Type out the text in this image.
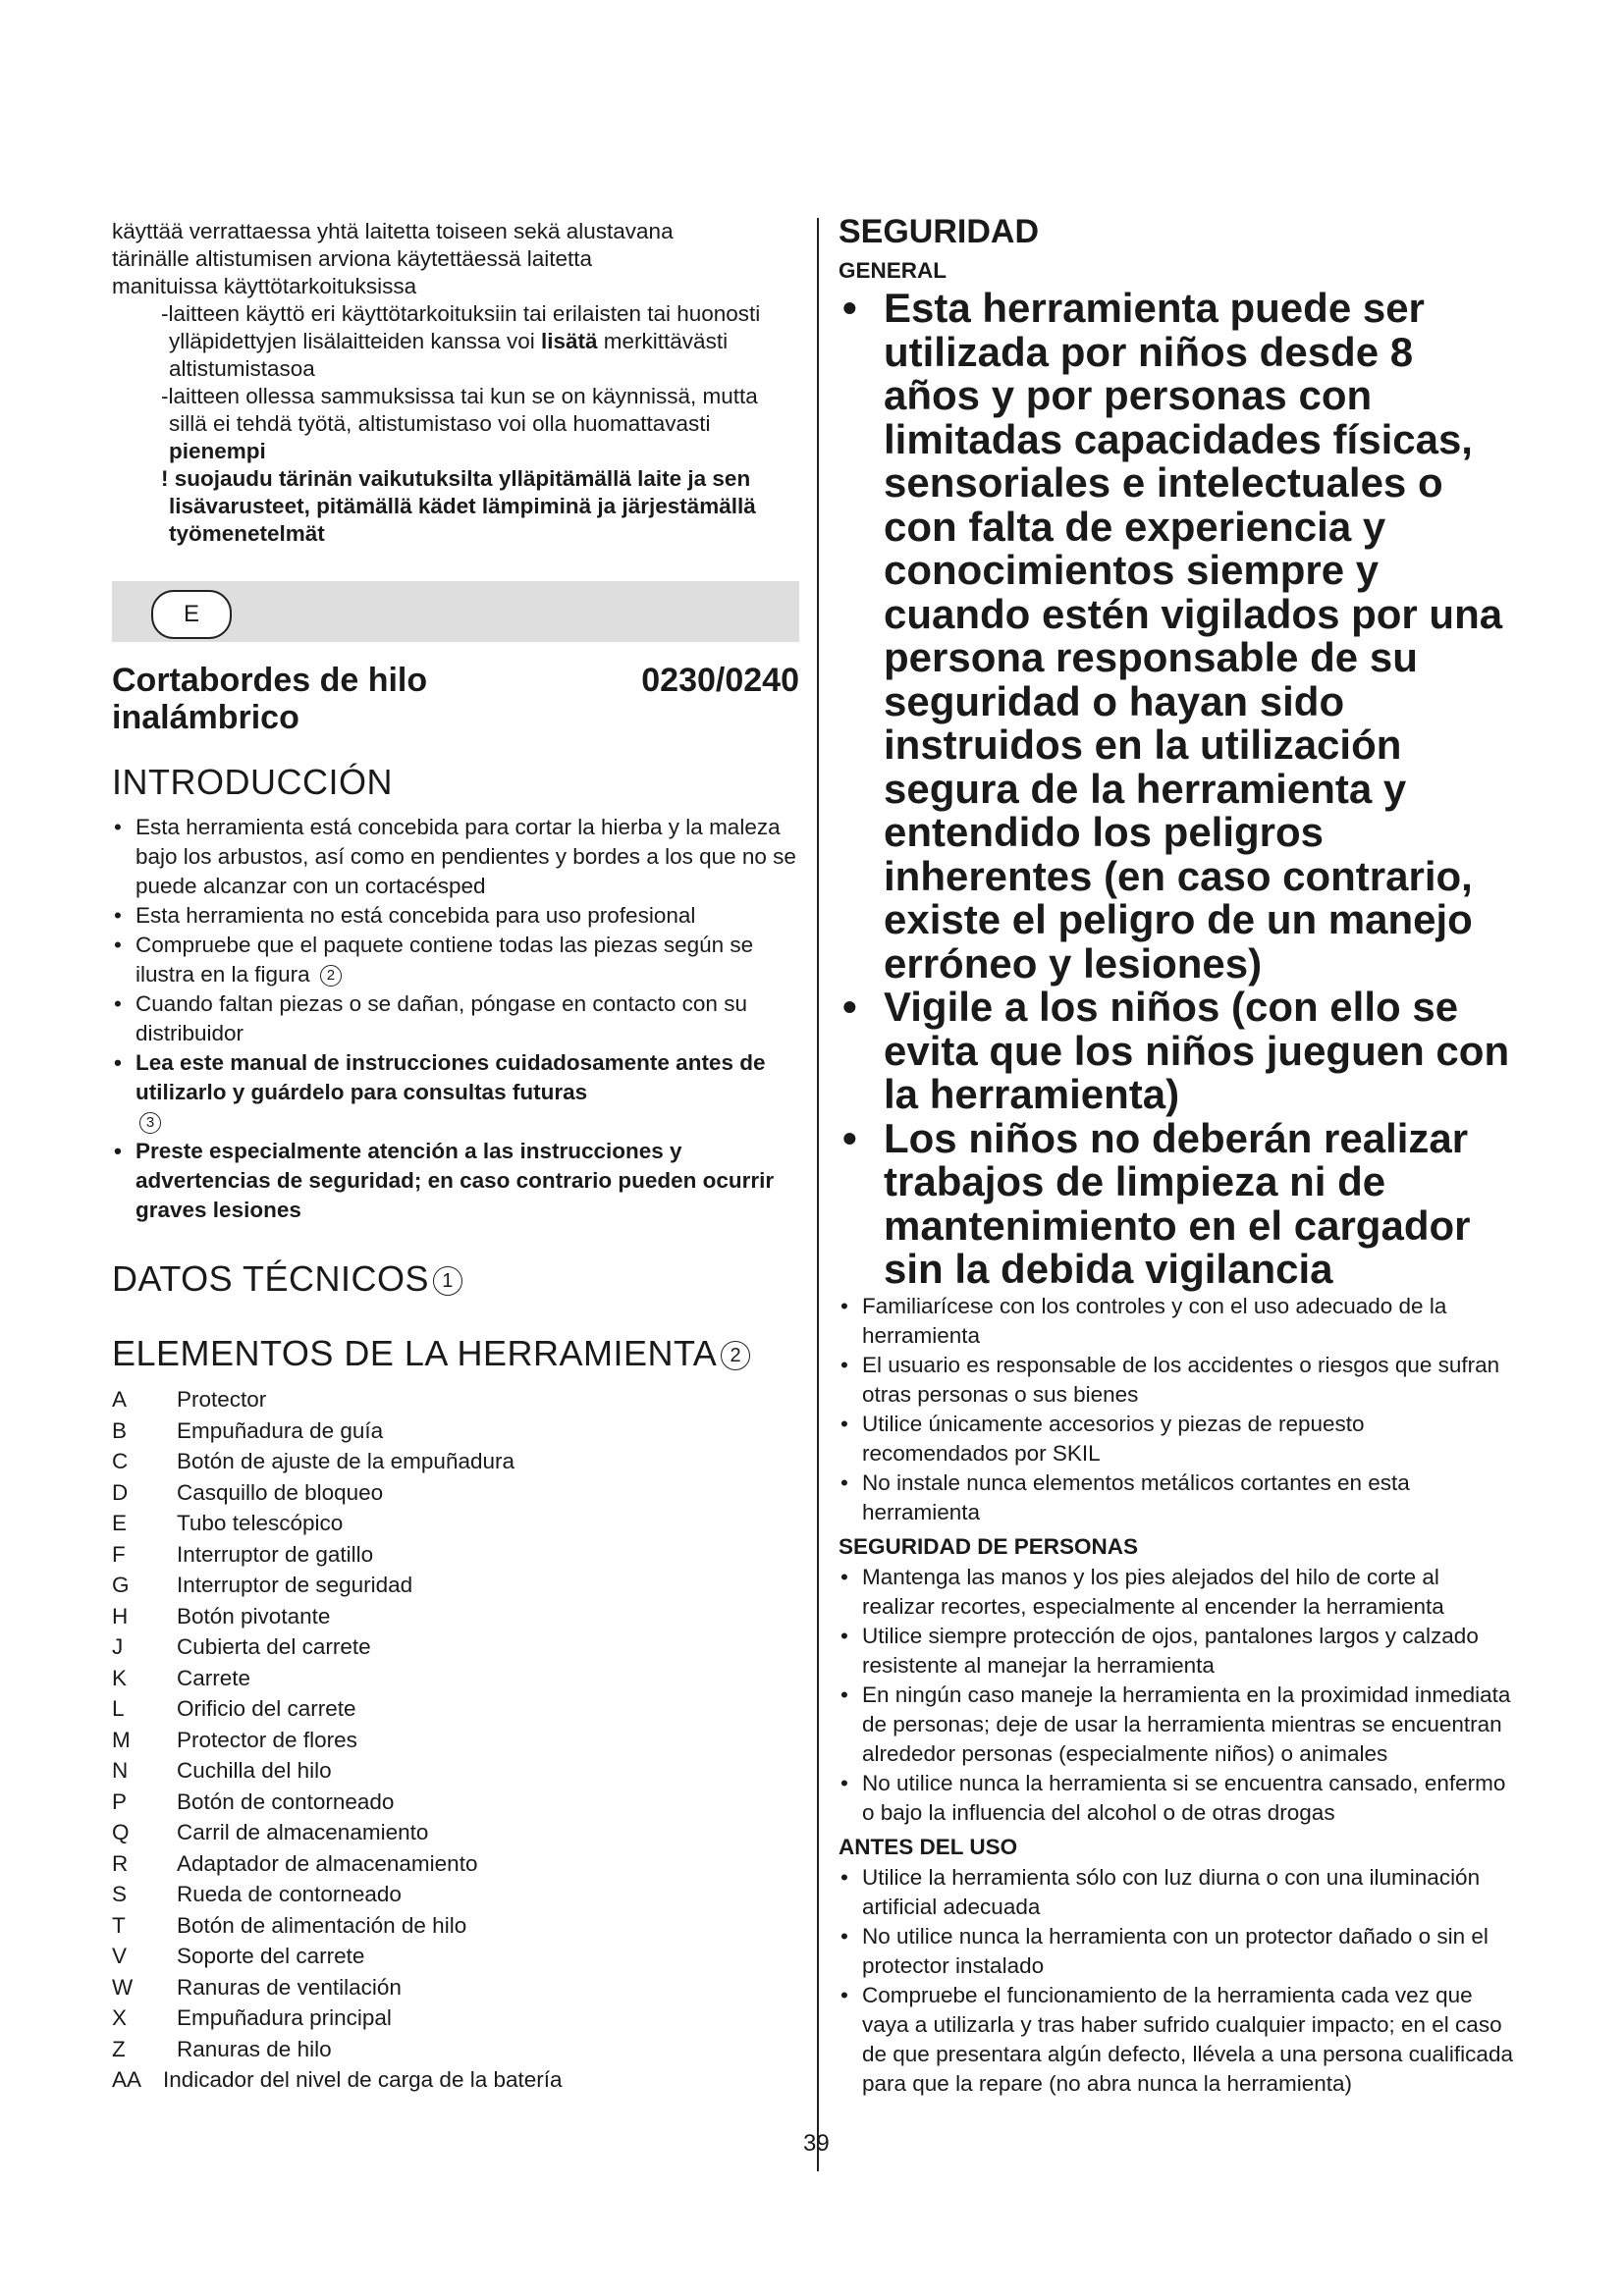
käyttää verrattaessa yhtä laitetta toiseen sekä alustavana

tärinälle altistumisen arviona käytettäessä laitetta

manituissa käyttötarkoituksissa

-laitteen käyttö eri käyttötarkoituksiin tai erilaisten tai huonosti ylläpidettyjen lisälaitteiden kanssa voi lisätä merkittävästi altistumistasoa

-laitteen ollessa sammuksissa tai kun se on käynnissä, mutta sillä ei tehdä työtä, altistumistaso voi olla huomattavasti pienempi

! suojaudu tärinän vaikutuksilta ylläpitämällä laite ja sen lisävarusteet, pitämällä kädet lämpiminä ja järjestämällä työmenetelmät

E
Cortabordes de hilo
inalámbrico
0230/0240
INTRODUCCIÓN
• Esta herramienta está concebida para cortar la hierba y la maleza bajo los arbustos, así como en pendientes y bordes a los que no se puede alcanzar con un cortacésped
• Esta herramienta no está concebida para uso profesional
• Compruebe que el paquete contiene todas las piezas según se ilustra en la figura 2
• Cuando faltan piezas o se dañan, póngase en contacto con su distribuidor
• Lea este manual de instrucciones cuidadosamente antes de utilizarlo y guárdelo para consultas futuras
3
• Preste especialmente atención a las instrucciones y advertencias de seguridad; en caso contrario pueden ocurrir graves lesiones
DATOS TÉCNICOS 1
ELEMENTOS DE LA HERRAMIENTA 2
A	Protector
B	Empuñadura de guía
C	Botón de ajuste de la empuñadura
D	Casquillo de bloqueo
E	Tubo telescópico
F	Interruptor de gatillo
G	Interruptor de seguridad
H	Botón pivotante
J	Cubierta del carrete
K	Carrete
L	Orificio del carrete
M	Protector de flores
N	Cuchilla del hilo
P	Botón de contorneado
Q	Carril de almacenamiento
R	Adaptador de almacenamiento
S	Rueda de contorneado
T	Botón de alimentación de hilo
V	Soporte del carrete
W	Ranuras de ventilación
X	Empuñadura principal
Z	Ranuras de hilo
AA Indicador del nivel de carga de la batería
SEGURIDAD
GENERAL
• Esta herramienta puede ser utilizada por niños desde 8 años y por personas con limitadas capacidades físicas, sensoriales e intelectuales o con falta de experiencia y conocimientos siempre y cuando estén vigilados por una persona responsable de su seguridad o hayan sido instruidos en la utilización segura de la herramienta y entendido los peligros inherentes (en caso contrario, existe el peligro de un manejo erróneo y lesiones)
• Vigile a los niños (con ello se evita que los niños jueguen con la herramienta)
• Los niños no deberán realizar trabajos de limpieza ni de mantenimiento en el cargador sin la debida vigilancia
• Familiarícese con los controles y con el uso adecuado de la herramienta
• El usuario es responsable de los accidentes o riesgos que sufran otras personas o sus bienes
• Utilice únicamente accesorios y piezas de repuesto recomendados por SKIL
• No instale nunca elementos metálicos cortantes en esta herramienta
SEGURIDAD DE PERSONAS
• Mantenga las manos y los pies alejados del hilo de corte al realizar recortes, especialmente al encender la herramienta
• Utilice siempre protección de ojos, pantalones largos y calzado resistente al manejar la herramienta
• En ningún caso maneje la herramienta en la proximidad inmediata de personas; deje de usar la herramienta mientras se encuentran alrededor personas (especialmente niños) o animales
• No utilice nunca la herramienta si se encuentra cansado, enfermo o bajo la influencia del alcohol o de otras drogas
ANTES DEL USO
• Utilice la herramienta sólo con luz diurna o con una iluminación artificial adecuada
• No utilice nunca la herramienta con un protector dañado o sin el protector instalado
• Compruebe el funcionamiento de la herramienta cada vez que vaya a utilizarla y tras haber sufrido cualquier impacto; en el caso de que presentara algún defecto, llévela a una persona cualificada para que la repare (no abra nunca la herramienta)
39
